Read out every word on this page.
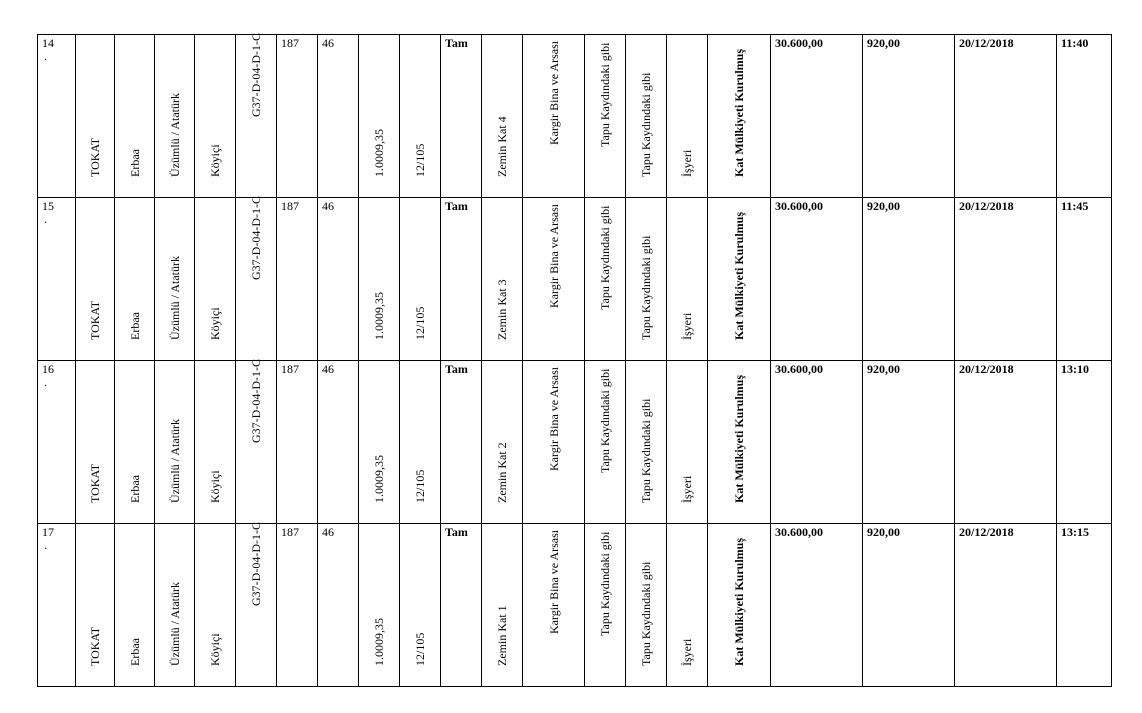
14
.	TOKAT	Erbaa	Üzümlü / Atatürk	Köyiçi	G37-D-04-D-1-C	187	46	1.0009,35	12/105	Tam	Zemin Kat 4	Kargir Bina ve Arsası	Tapu Kaydındaki gibi	Tapu Kaydındaki gibi	İşyeri	Kat Mülkiyeti Kurulmuş	30.600,00	920,00	20/12/2018	11:40

15
.	TOKAT	Erbaa	Üzümlü / Atatürk	Köyiçi	G37-D-04-D-1-C	187	46	1.0009,35	12/105	Tam	Zemin Kat 3	Kargir Bina ve Arsası	Tapu Kaydındaki gibi	Tapu Kaydındaki gibi	İşyeri	Kat Mülkiyeti Kurulmuş	30.600,00	920,00	20/12/2018	11:45

16
.	TOKAT	Erbaa	Üzümlü / Atatürk	Köyiçi	G37-D-04-D-1-C	187	46	1.0009,35	12/105	Tam	Zemin Kat 2	Kargir Bina ve Arsası	Tapu Kaydındaki gibi	Tapu Kaydındaki gibi	İşyeri	Kat Mülkiyeti Kurulmuş	30.600,00	920,00	20/12/2018	13:10

17
.	TOKAT	Erbaa	Üzümlü / Atatürk	Köyiçi	G37-D-04-D-1-C	187	46	1.0009,35	12/105	Tam	Zemin Kat 1	Kargir Bina ve Arsası	Tapu Kaydındaki gibi	Tapu Kaydındaki gibi	İşyeri	Kat Mülkiyeti Kurulmuş	30.600,00	920,00	20/12/2018	13:15
